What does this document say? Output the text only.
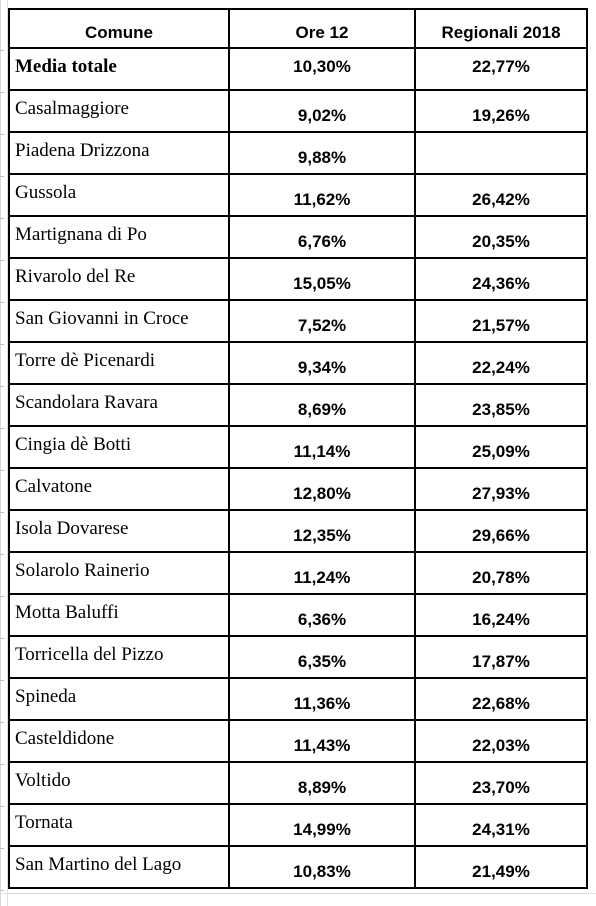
Comune	Ore 12	Regionali 2018
Media totale	10,30%	22,77%
Casalmaggiore	9,02%	19,26%
Piadena Drizzona	9,88%	
Gussola	11,62%	26,42%
Martignana di Po	6,76%	20,35%
Rivarolo del Re	15,05%	24,36%
San Giovanni in Croce	7,52%	21,57%
Torre dè Picenardi	9,34%	22,24%
Scandolara Ravara	8,69%	23,85%
Cingia dè Botti	11,14%	25,09%
Calvatone	12,80%	27,93%
Isola Dovarese	12,35%	29,66%
Solarolo Rainerio	11,24%	20,78%
Motta Baluffi	6,36%	16,24%
Torricella del Pizzo	6,35%	17,87%
Spineda	11,36%	22,68%
Casteldidone	11,43%	22,03%
Voltido	8,89%	23,70%
Tornata	14,99%	24,31%
San Martino del Lago	10,83%	21,49%
